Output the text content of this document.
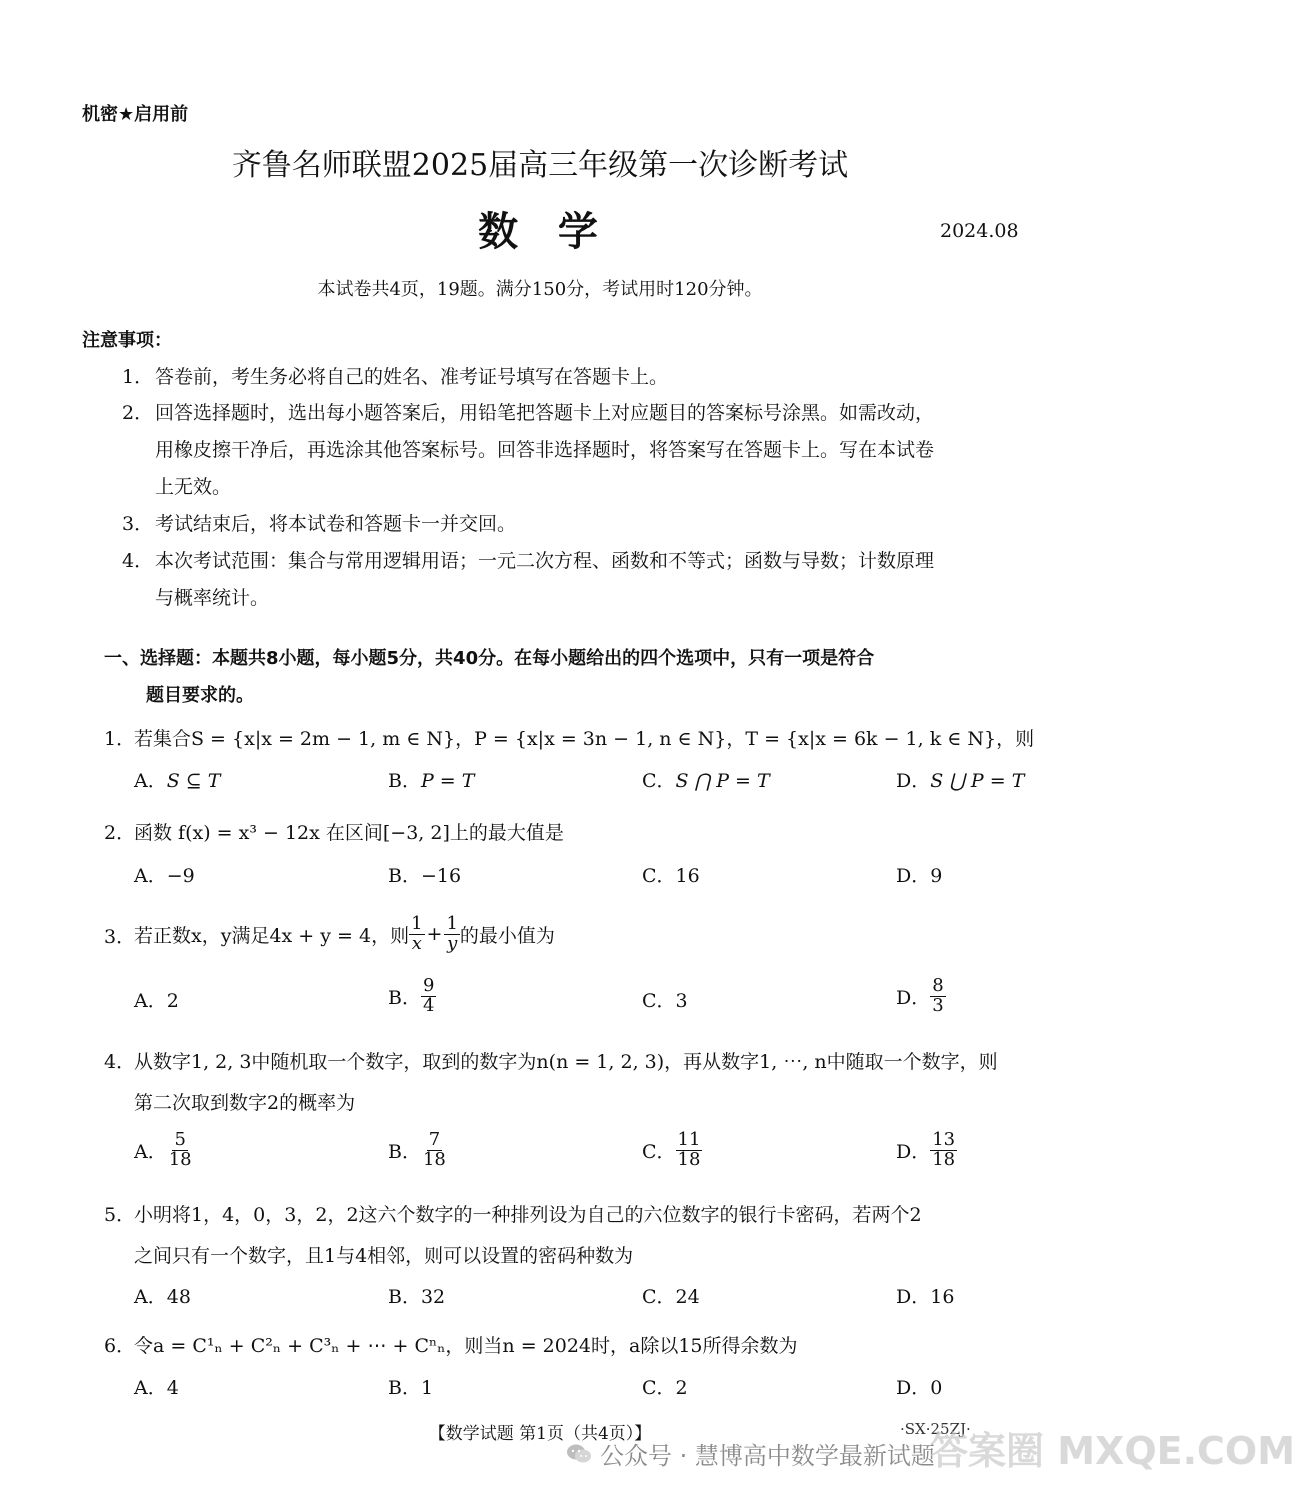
机密★启用前
齐鲁名师联盟2025届高三年级第一次诊断考试
数  学	2024.08
本试卷共4页，19题。满分150分，考试用时120分钟。
注意事项：
1． 答卷前，考生务必将自己的姓名、准考证号填写在答题卡上。
2． 回答选择题时，选出每小题答案后，用铅笔把答题卡上对应题目的答案标号涂黑。如需改动，
用橡皮擦干净后，再选涂其他答案标号。回答非选择题时，将答案写在答题卡上。写在本试卷
上无效。
3． 考试结束后，将本试卷和答题卡一并交回。
4． 本次考试范围：集合与常用逻辑用语；一元二次方程、函数和不等式；函数与导数；计数原理
与概率统计。
一、选择题：本题共8小题，每小题5分，共40分。在每小题给出的四个选项中，只有一项是符合
题目要求的。
1．
若集合S = {x|x = 2m − 1, m ∈ N}，P = {x|x = 3n − 1, n ∈ N}，T = {x|x = 6k − 1, k ∈ N}，则
A．S ⊆ T	B．P = T	C．S ⋂ P = T	D．S ⋃ P = T
2．
函数 f(x) = x³ − 12x 在区间[−3, 2]上的最大值是
A．−9	B．−16	C．16	D．9
3．
若正数x，y满足4x + y = 4，则 $\frac{1}{x} + \frac{1}{y}$ 的最小值为
A．2	B． $\frac{9}{4}$	C．3	D． $\frac{8}{3}$
4．
从数字1, 2, 3中随机取一个数字，取到的数字为n(n = 1, 2, 3)，再从数字1, ⋯, n中随取一个数字，则
第二次取到数字2的概率为
A． $\frac{5}{18}$	B． $\frac{7}{18}$	C． $\frac{11}{18}$	D． $\frac{13}{18}$
5．
小明将1，4，0，3，2，2这六个数字的一种排列设为自己的六位数字的银行卡密码，若两个2
之间只有一个数字，且1与4相邻，则可以设置的密码种数为
A．48	B．32	C．24	D．16
6．
令a = C¹ₙ + C²ₙ + C³ₙ + ⋯ + Cⁿₙ，则当n = 2024时，a除以15所得余数为
A．4	B．1	C．2	D．0
【数学试题 第1页（共4页）】	·SX·25ZJ·
公众号 · 慧博高中数学最新试题
答案圈 MXQE.COM
